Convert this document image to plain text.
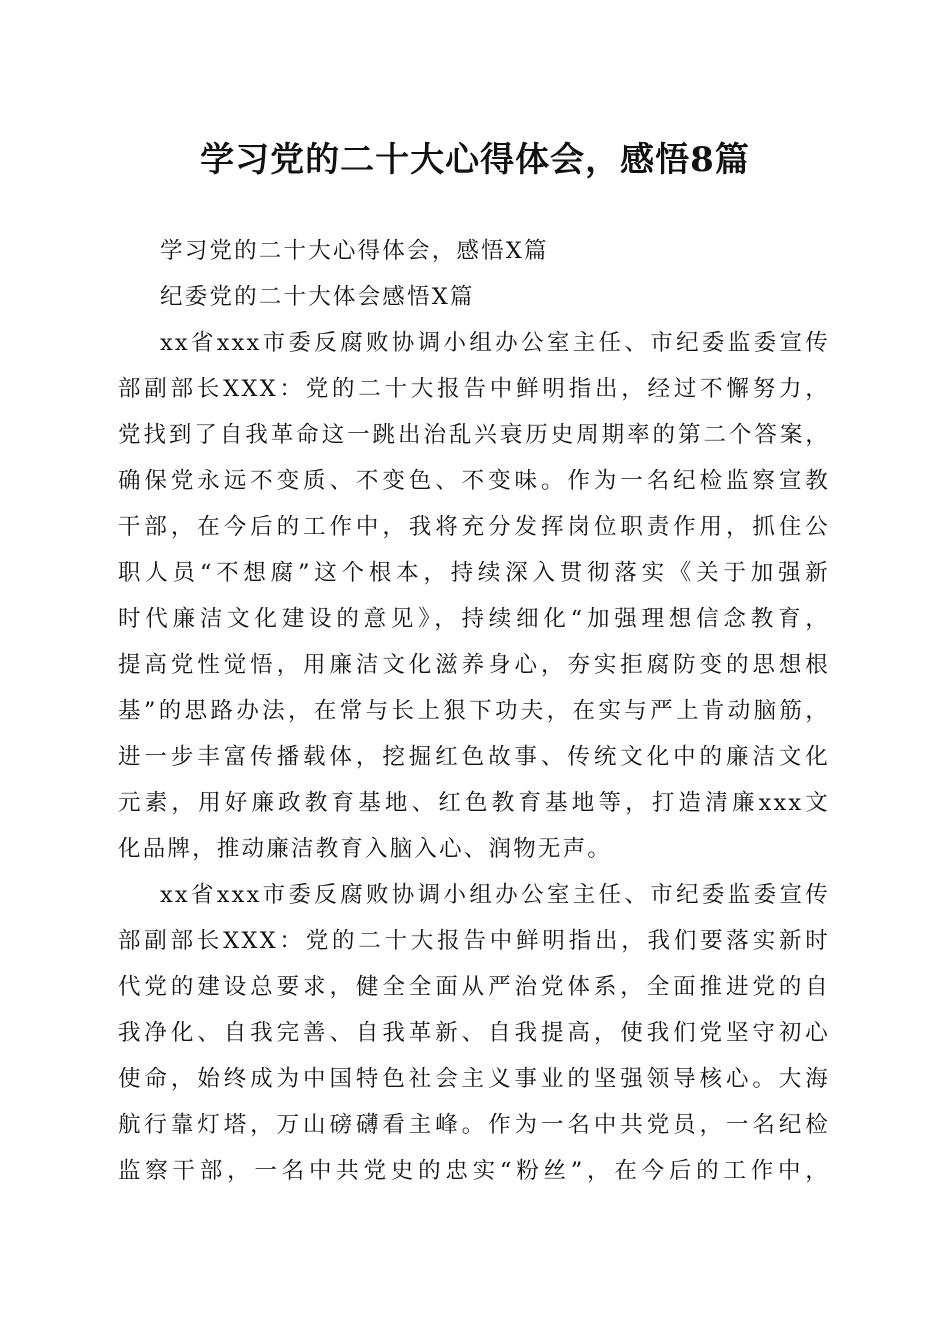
学习党的二十大心得体会，感悟8篇

学习党的二十大心得体会，感悟X篇

纪委党的二十大体会感悟X篇

xx省xxx市委反腐败协调小组办公室主任、市纪委监委宣传

部副部长XXX：党的二十大报告中鲜明指出，经过不懈努力，

党找到了自我革命这一跳出治乱兴衰历史周期率的第二个答案，

确保党永远不变质、不变色、不变味。作为一名纪检监察宣教

干部，在今后的工作中，我将充分发挥岗位职责作用，抓住公

职人员“不想腐”这个根本，持续深入贯彻落实《关于加强新

时代廉洁文化建设的意见》，持续细化“加强理想信念教育，

提高党性觉悟，用廉洁文化滋养身心，夯实拒腐防变的思想根

基”的思路办法，在常与长上狠下功夫，在实与严上肯动脑筋，

进一步丰富传播载体，挖掘红色故事、传统文化中的廉洁文化

元素，用好廉政教育基地、红色教育基地等，打造清廉xxx文

化品牌，推动廉洁教育入脑入心、润物无声。

xx省xxx市委反腐败协调小组办公室主任、市纪委监委宣传

部副部长XXX：党的二十大报告中鲜明指出，我们要落实新时

代党的建设总要求，健全全面从严治党体系，全面推进党的自

我净化、自我完善、自我革新、自我提高，使我们党坚守初心

使命，始终成为中国特色社会主义事业的坚强领导核心。大海

航行靠灯塔，万山磅礴看主峰。作为一名中共党员，一名纪检

监察干部，一名中共党史的忠实“粉丝”，在今后的工作中，
